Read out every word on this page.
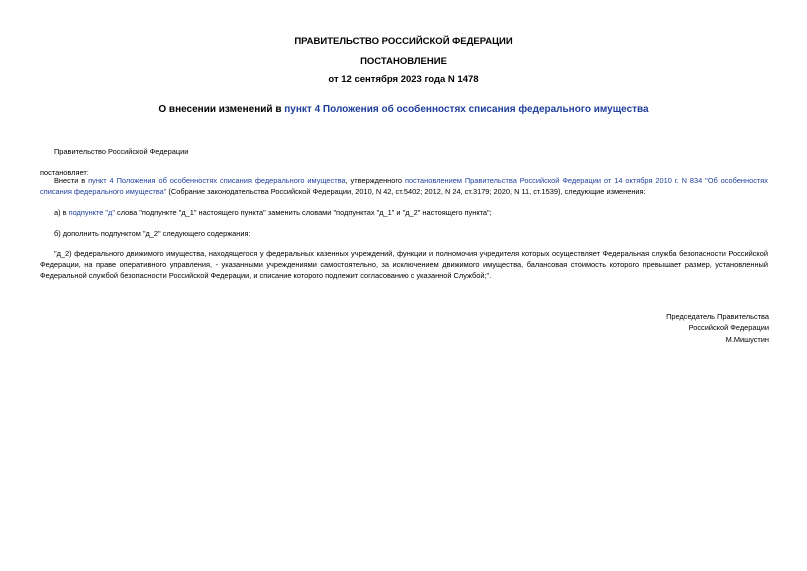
ПРАВИТЕЛЬСТВО РОССИЙСКОЙ ФЕДЕРАЦИИ
ПОСТАНОВЛЕНИЕ
от 12 сентября 2023 года N 1478
О внесении изменений в пункт 4 Положения об особенностях списания федерального имущества
Правительство Российской Федерации
постановляет:
Внести в пункт 4 Положения об особенностях списания федерального имущества, утвержденного постановлением Правительства Российской Федерации от 14 октября 2010 г. N 834 "Об особенностях списания федерального имущества" (Собрание законодательства Российской Федерации, 2010, N 42, ст.5402; 2012, N 24, ст.3179; 2020, N 11, ст.1539), следующие изменения:
а) в подпункте "д" слова "подпункте "д_1" настоящего пункта" заменить словами "подпунктах "д_1" и "д_2" настоящего пункта";
б) дополнить подпунктом "д_2" следующего содержания:
"д_2) федерального движимого имущества, находящегося у федеральных казенных учреждений, функции и полномочия учредителя которых осуществляет Федеральная служба безопасности Российской Федерации, на праве оперативного управления, - указанными учреждениями самостоятельно, за исключением движимого имущества, балансовая стоимость которого превышает размер, установленный Федеральной службой безопасности Российской Федерации, и списание которого подлежит согласованию с указанной Службой;".
Председатель Правительства
Российской Федерации
М.Мишустин
